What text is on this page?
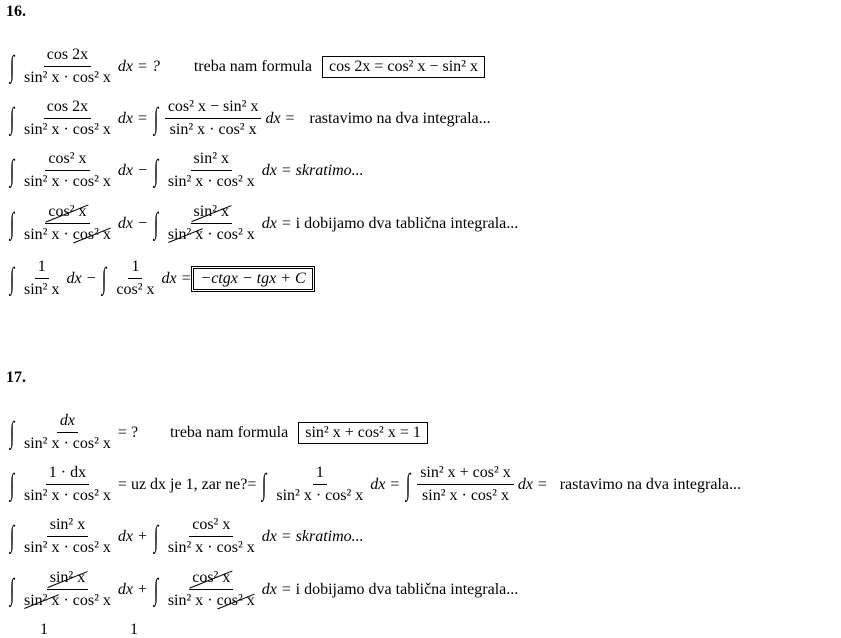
16.
∫ $\frac{\cos 2x}{\text{sin² x · cos² x}}$ dx = ? treba nam formula	cos 2x = cos² x − sin² x
∫ $\frac{\cos 2x}{\text{sin² x · cos² x}}$ dx = ∫ $\frac{\text{cos² x − sin² x}}{\text{sin² x · cos² x}}$ dx = rastavimo na dva integrala...
∫ $\frac{\text{cos² x}}{\text{sin² x · cos² x}}$ dx − ∫ $\frac{\text{sin² x}}{\text{sin² x · cos² x}}$ dx = skratimo...
∫ $\frac{\text{cos² x}}{\text{sin² x · cos² x}}$ dx − ∫ $\frac{\text{sin² x}}{\text{sin² x · cos² x}}$ dx = i dobijamo dva tablična integrala...
∫ $\frac{1}{\text{sin² x}}$ dx − ∫ $\frac{1}{\text{cos² x}}$ dx = −ctgx − tgx + C
17.
∫ $\frac{dx}{\text{sin² x · cos² x}}$ = ? treba nam formula	sin² x + cos² x = 1
∫ $\frac{1 \cdot dx}{\text{sin² x · cos² x}}$ = uz dx je 1, zar ne?= ∫ $\frac{1}{\text{sin² x · cos² x}}$ dx = ∫ $\frac{\text{sin² x + cos² x}}{\text{sin² x · cos² x}}$ dx = rastavimo na dva integrala...
∫ $\frac{\text{sin² x}}{\text{sin² x · cos² x}}$ dx + ∫ $\frac{\text{cos² x}}{\text{sin² x · cos² x}}$ dx = skratimo...
∫ $\frac{\text{sin² x}}{\text{sin² x · cos² x}}$ dx + ∫ $\frac{\text{cos² x}}{\text{sin² x · cos² x}}$ dx = i dobijamo dva tablična integrala...
1	1
